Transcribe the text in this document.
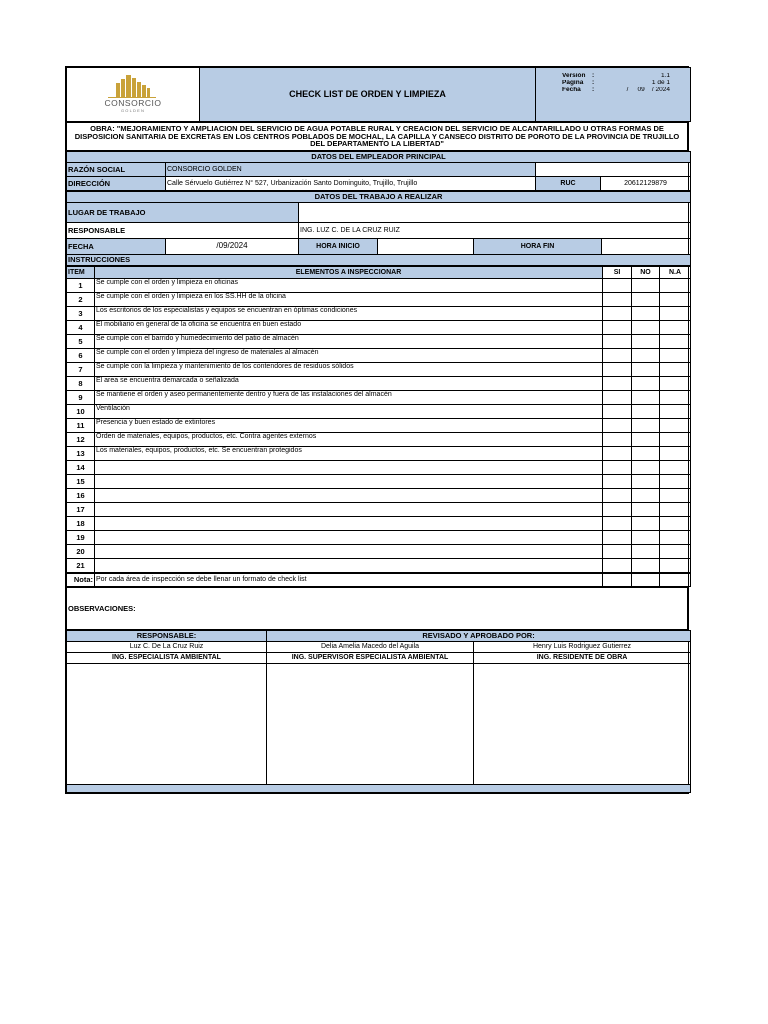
CONSORCIO
GOLDEN
	CHECK LIST DE ORDEN Y LIMPIEZA	
Versión	:	1.1
Página	:	1 de 1
Fecha	:	/     09    / 2024
OBRA: "MEJORAMIENTO Y AMPLIACION DEL SERVICIO DE AGUA POTABLE RURAL Y CREACION DEL SERVICIO DE ALCANTARILLADO U OTRAS FORMAS DE DISPOSICION SANITARIA DE EXCRETAS EN LOS CENTROS POBLADOS DE MOCHAL, LA CAPILLA Y CANSECO DISTRITO DE POROTO DE LA PROVINCIA DE TRUJILLO DEL DEPARTAMENTO LA LIBERTAD"
DATOS DEL EMPLEADOR PRINCIPAL			
RAZÓN SOCIAL	CONSORCIO GOLDEN		
DIRECCIÓN	Calle Sérvuelo Gutiérrez N° 527, Urbanización Santo Dominguito, Trujillo, Trujillo	RUC	20612129879
DATOS DEL TRABAJO A REALIZAR					
LUGAR DE TRABAJO					
RESPONSABLE		ING. LUZ C. DE LA CRUZ RUIZ			
FECHA	/09/2024	HORA INICIO		HORA FIN	
INSTRUCCIONES					
ITEM	ELEMENTOS A INSPECCIONAR	SI	NO	N.A
1	Se cumple con el orden y limpieza en oficinas			
2	Se cumple con el orden y limpieza en los SS.HH de la oficina			
3	Los escritorios de los especialistas y equipos se encuentran en óptimas condiciones			
4	El mobiliario en general de la oficina se encuentra en buen estado			
5	Se cumple con el barrido y humedecimiento del patio de almacén			
6	Se cumple con el orden y limpieza del ingreso de materiales al almacén			
7	Se cumple con la limpieza y mantenimiento de los contendores de residuos sólidos			
8	El area se encuentra demarcada o señalizada			
9	Se mantiene el orden y aseo permanentemente dentro y fuera de las instalaciones del almacén			
10	Ventilación			
11	Presencia y buen estado de extintores			
12	Orden de materiales, equipos, productos, etc. Contra agentes externos			
13	Los materiales, equipos, productos, etc. Se encuentran protegidos			
14				
15				
16				
17				
18				
19				
20				
21				
Nota:	Por cada área de inspección se debe llenar un formato de check list			
OBSERVACIONES:
RESPONSABLE:	REVISADO Y APROBADO POR:	
Luz C. De La Cruz Ruiz	Delia Amelia Macedo del Aguila	Henry Luis Rodriguez Gutierrez
ING. ESPECIALISTA AMBIENTAL	ING. SUPERVISOR ESPECIALISTA AMBIENTAL	ING. RESIDENTE DE OBRA
